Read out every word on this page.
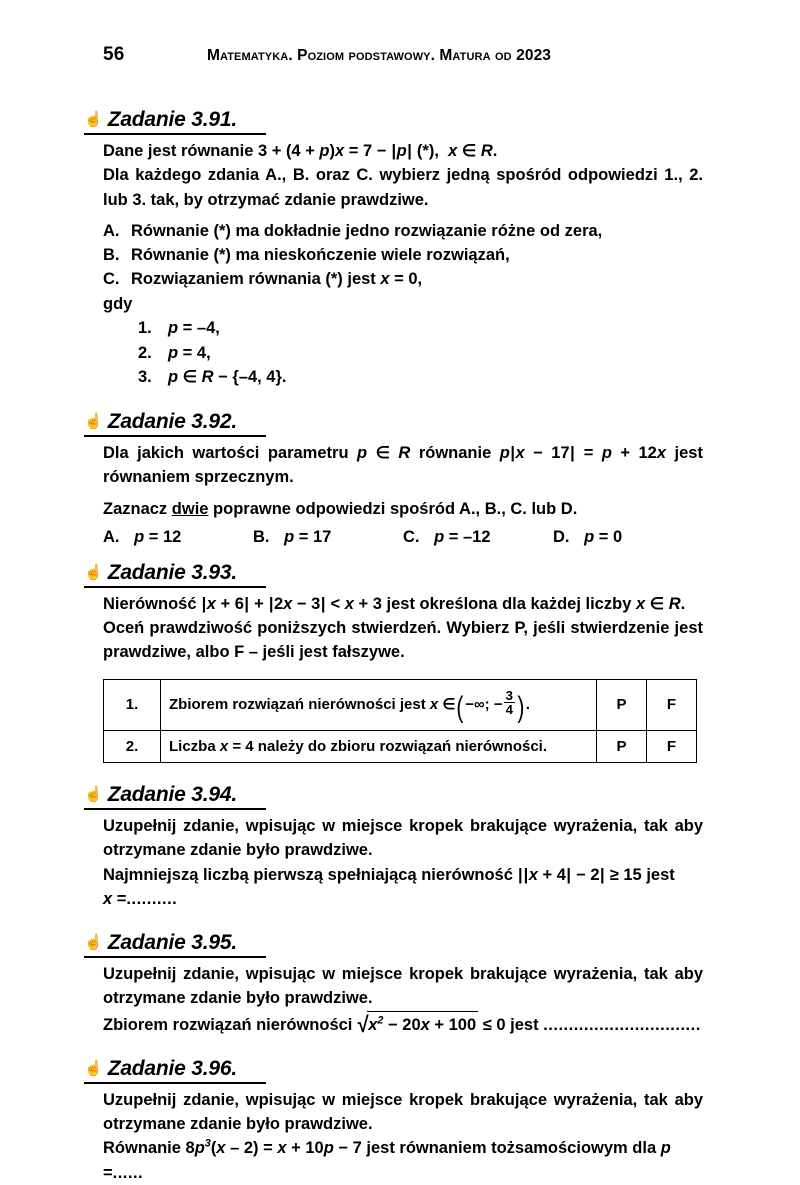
56	Matematyka. Poziom podstawowy. Matura od 2023
☝ Zadanie 3.91.

Dane jest równanie 3 + (4 + p)x = 7 − |p| (*),  x ∈ R.

Dla każdego zdania A., B. oraz C. wybierz jedną spośród odpowiedzi 1., 2. lub 3. tak, by otrzymać zdanie prawdziwe.

A. Równanie (*) ma dokładnie jedno rozwiązanie różne od zera,
B. Równanie (*) ma nieskończenie wiele rozwiązań,
C. Rozwiązaniem równania (*) jest x = 0,

gdy

1. p = –4,
2. p = 4,
3. p ∈ R − {–4, 4}.
☝ Zadanie 3.92.

Dla jakich wartości parametru p ∈ R równanie p|x − 17| = p + 12x jest równaniem sprzecznym.

Zaznacz dwie poprawne odpowiedzi spośród A., B., C. lub D.

A. p = 12	B. p = 17	C. p = –12	D. p = 0
☝ Zadanie 3.93.

Nierówność |x + 6| + |2x − 3| < x + 3 jest określona dla każdej liczby x ∈ R.

Oceń prawdziwość poniższych stwierdzeń. Wybierz P, jeśli stwierdzenie jest prawdziwe, albo F – jeśli jest fałszywe.

1.	Zbiorem rozwiązań nierówności jest x ∈(−∞; − $\frac{3}{4}$ ).	P	F
2.	Liczba x = 4 należy do zbioru rozwiązań nierówności.	P	F
☝ Zadanie 3.94.

Uzupełnij zdanie, wpisując w miejsce kropek brakujące wyrażenia, tak aby otrzymane zdanie było prawdziwe.

Najmniejszą liczbą pierwszą spełniającą nierówność ||x + 4| − 2| ≥ 15 jest

x =..........

☝ Zadanie 3.95.

Uzupełnij zdanie, wpisując w miejsce kropek brakujące wyrażenia, tak aby otrzymane zdanie było prawdziwe.

Zbiorem rozwiązań nierówności $√x^2 - 20x + 100 \le 0$ jest ...............................

☝ Zadanie 3.96.

Uzupełnij zdanie, wpisując w miejsce kropek brakujące wyrażenia, tak aby otrzymane zdanie było prawdziwe.

Równanie $8p^3(x - 2) = x + 10p - 7$ jest równaniem tożsamościowym dla p =......
